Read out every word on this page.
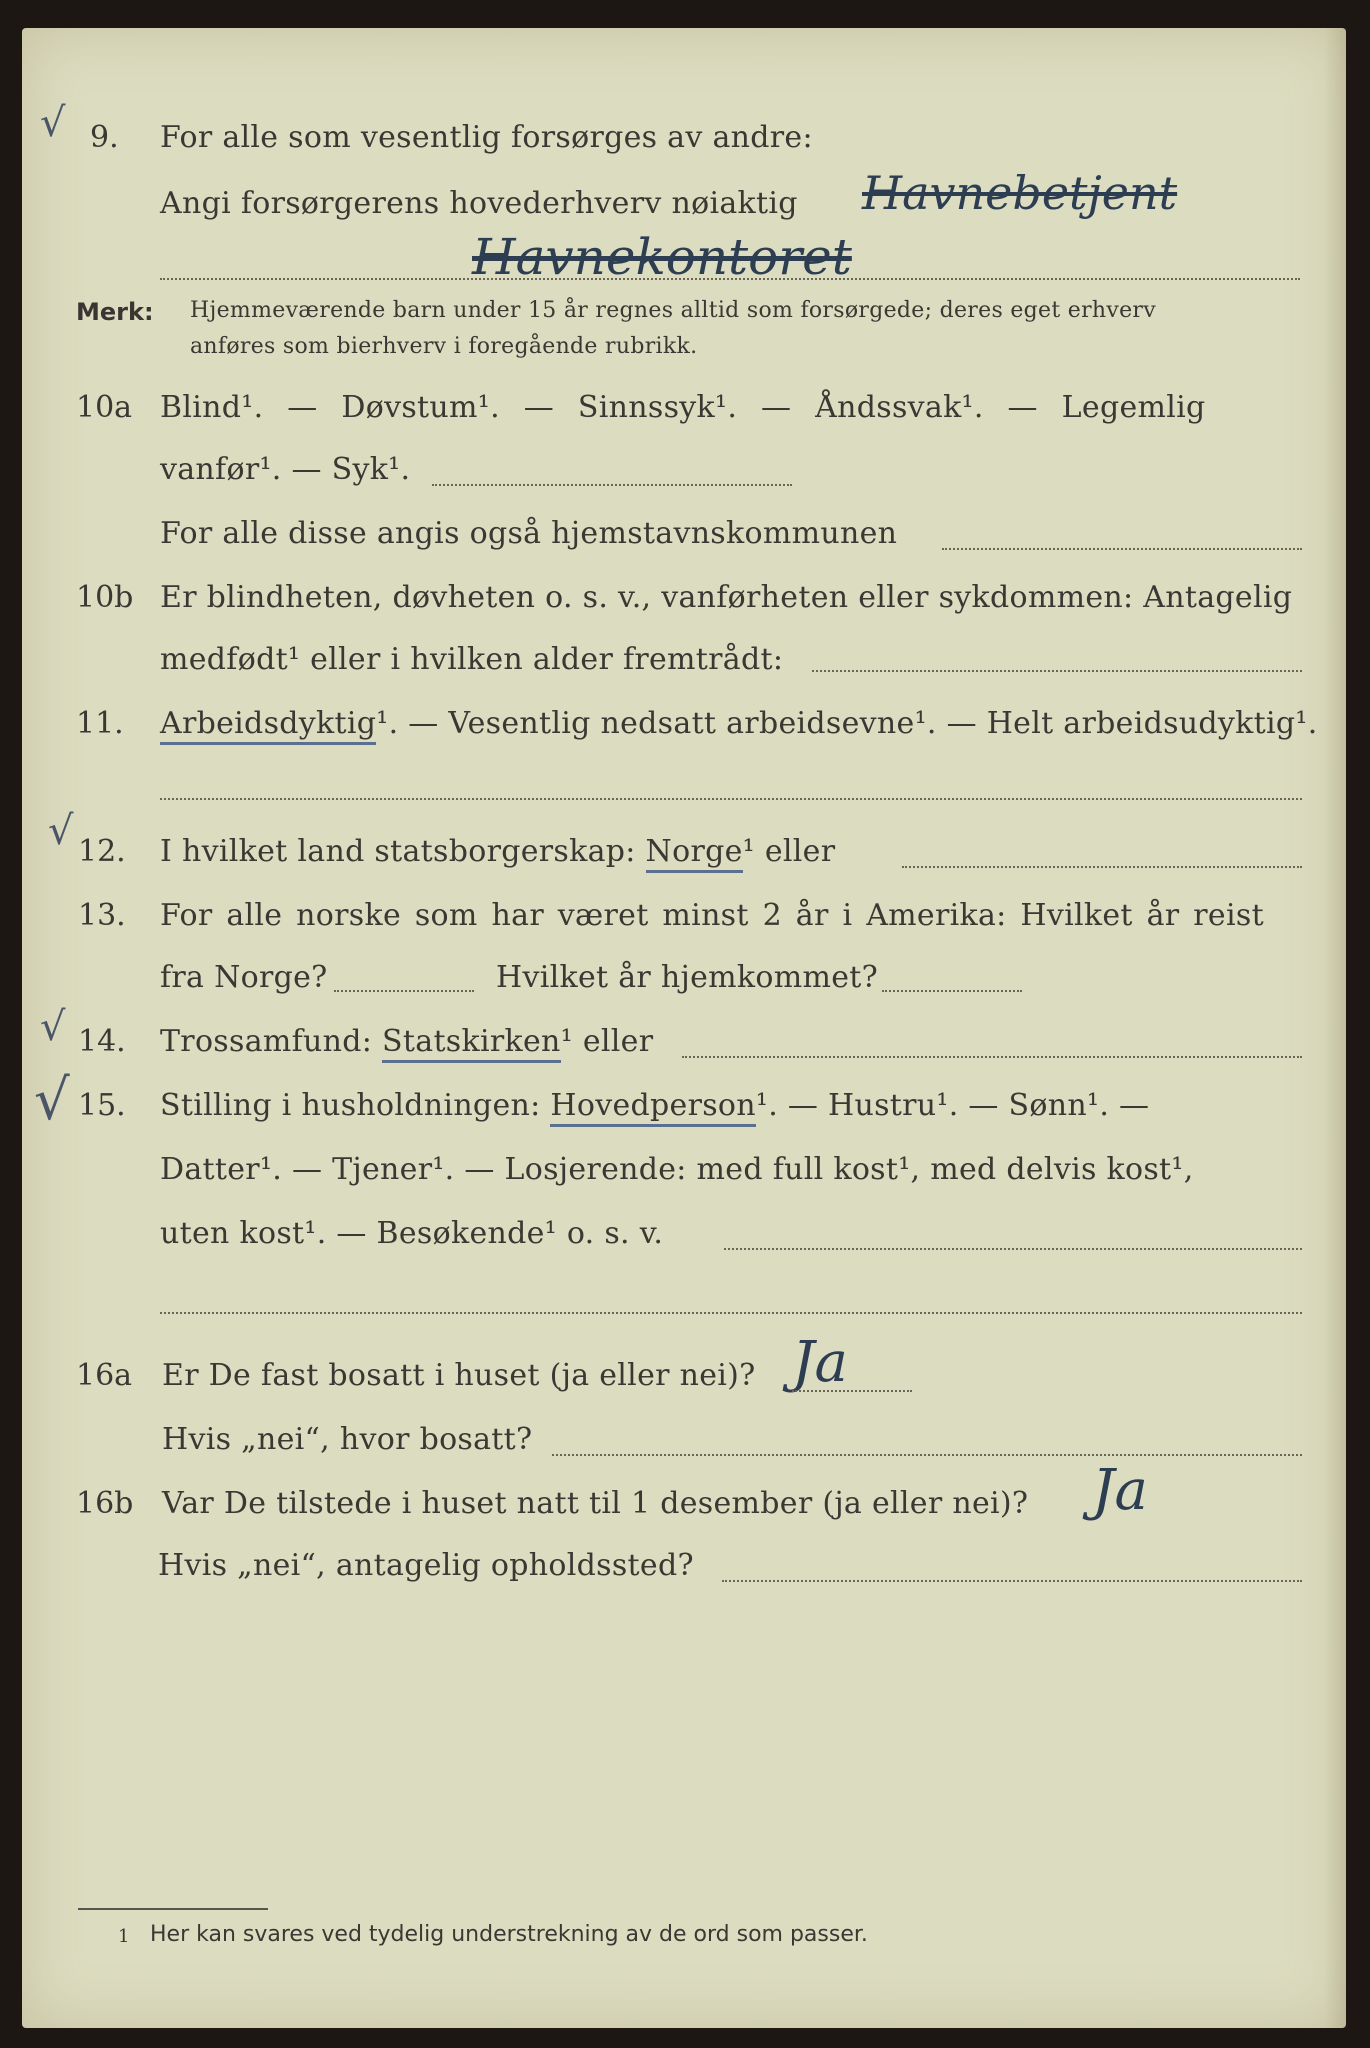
√ 9. For alle som vesentlig forsørges av andre:
Angi forsørgerens hovederhverv nøiaktig Havnebetjent
Havnekontoret
Merk: Hjemmeværende barn under 15 år regnes alltid som forsørgede; deres eget erhverv
anføres som bierhverv i foregående rubrikk.
10a Blind¹. — Døvstum¹. — Sinnssyk¹. — Åndssvak¹. — Legemlig
vanfør¹. — Syk¹.
For alle disse angis også hjemstavnskommunen
10b Er blindheten, døvheten o. s. v., vanførheten eller sykdommen: Antagelig
medfødt¹ eller i hvilken alder fremtrådt:
11. Arbeidsdyktig¹. — Vesentlig nedsatt arbeidsevne¹. — Helt arbeidsudyktig¹.
√ 12. I hvilket land statsborgerskap: Norge¹ eller
13. For alle norske som har været minst 2 år i Amerika: Hvilket år reist
fra Norge?	Hvilket år hjemkommet?
√ 14. Trossamfund: Statskirken¹ eller
√ 15. Stilling i husholdningen: Hovedperson¹. — Hustru¹. — Sønn¹. —
Datter¹. — Tjener¹. — Losjerende: med full kost¹, med delvis kost¹,
uten kost¹. — Besøkende¹ o. s. v.
16a Er De fast bosatt i huset (ja eller nei)? Ja
Hvis „nei“, hvor bosatt?
16b Var De tilstede i huset natt til 1 desember (ja eller nei)? Ja
Hvis „nei“, antagelig opholdssted?
1 Her kan svares ved tydelig understrekning av de ord som passer.
